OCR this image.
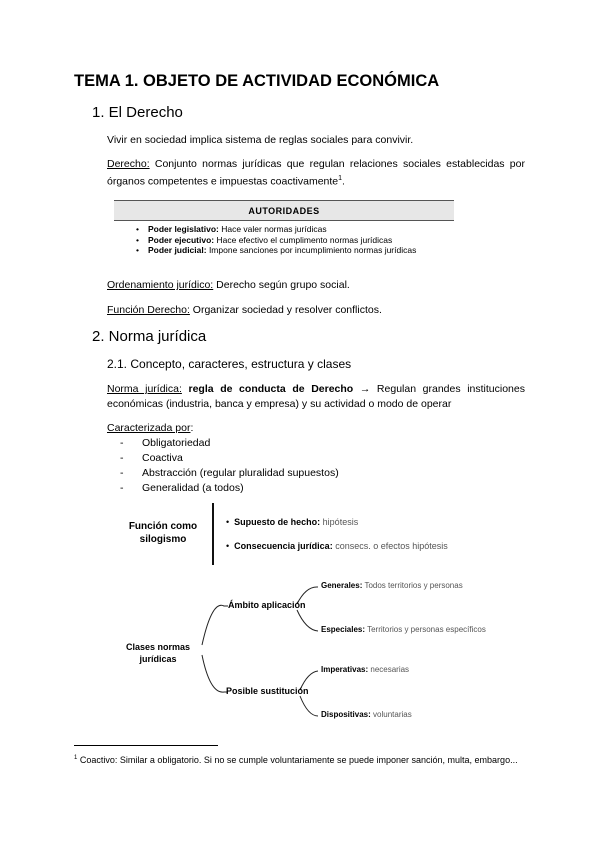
TEMA 1. OBJETO DE ACTIVIDAD ECONÓMICA
1. El Derecho
Vivir en sociedad implica sistema de reglas sociales para convivir.
Derecho: Conjunto normas jurídicas que regulan relaciones sociales establecidas por órganos competentes e impuestas coactivamente$^1$.
AUTORIDADES
• Poder legislativo: Hace valer normas jurídicas
• Poder ejecutivo: Hace efectivo el cumplimento normas jurídicas
• Poder judicial: Impone sanciones por incumplimiento normas jurídicas
Ordenamiento jurídico: Derecho según grupo social.
Función Derecho: Organizar sociedad y resolver conflictos.
2. Norma jurídica
2.1. Concepto, caracteres, estructura y clases
Norma jurídica: regla de conducta de Derecho → Regulan grandes instituciones económicas (industria, banca y empresa) y su actividad o modo de operar
Caracterizada por:
- Obligatoriedad
- Coactiva
- Abstracción (regular pluralidad supuestos)
- Generalidad (a todos)
Función como
silogismo
•  Supuesto de hecho: hipótesis
•  Consecuencia jurídica: consecs. o efectos hipótesis
Clases normas
jurídicas
Ámbito aplicación
Posible sustitución
Generales: Todos territorios y personas
Especiales: Territorios y personas específicos
Imperativas: necesarias
Dispositivas: voluntarias
$^1$ Coactivo: Similar a obligatorio. Si no se cumple voluntariamente se puede imponer sanción, multa, embargo...
